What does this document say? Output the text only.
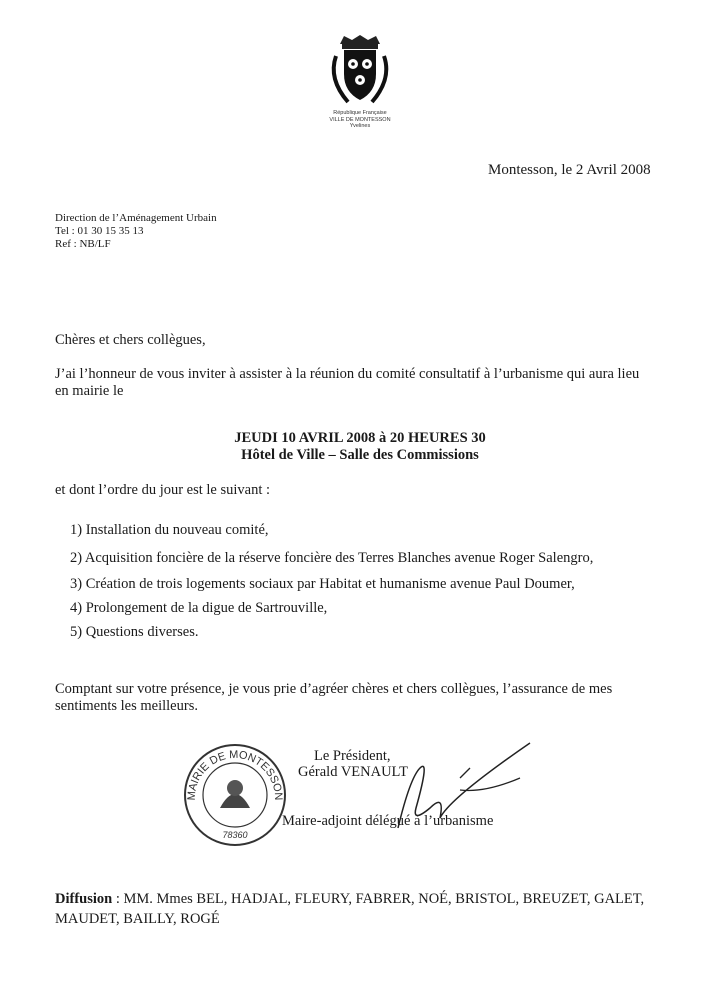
République Française
VILLE DE MONTESSON
Yvelines
Montesson, le 2 Avril 2008
Direction de l’Aménagement Urbain
Tel : 01 30 15 35 13
Ref : NB/LF
Chères et chers collègues,
J’ai l’honneur de vous inviter à assister à la réunion du comité consultatif à l’urbanisme qui aura lieu en mairie le
JEUDI 10 AVRIL 2008 à 20 HEURES 30
Hôtel de Ville – Salle des Commissions
et dont l’ordre du jour est le suivant :
1) Installation du nouveau comité,
2) Acquisition foncière de la réserve foncière des Terres Blanches avenue Roger Salengro,
3) Création de trois logements sociaux par Habitat et humanisme avenue Paul Doumer,
4) Prolongement de la digue de Sartrouville,
5) Questions diverses.
Comptant sur votre présence, je vous prie d’agréer chères et chers collègues, l’assurance de mes sentiments les meilleurs.
MAIRIE DE MONTESSON
78360
Le Président,
Gérald VENAULT
Maire-adjoint délégué à l’urbanisme
Diffusion : MM. Mmes BEL, HADJAL, FLEURY, FABRER, NOÉ, BRISTOL, BREUZET, GALET, MAUDET, BAILLY, ROGÉ
